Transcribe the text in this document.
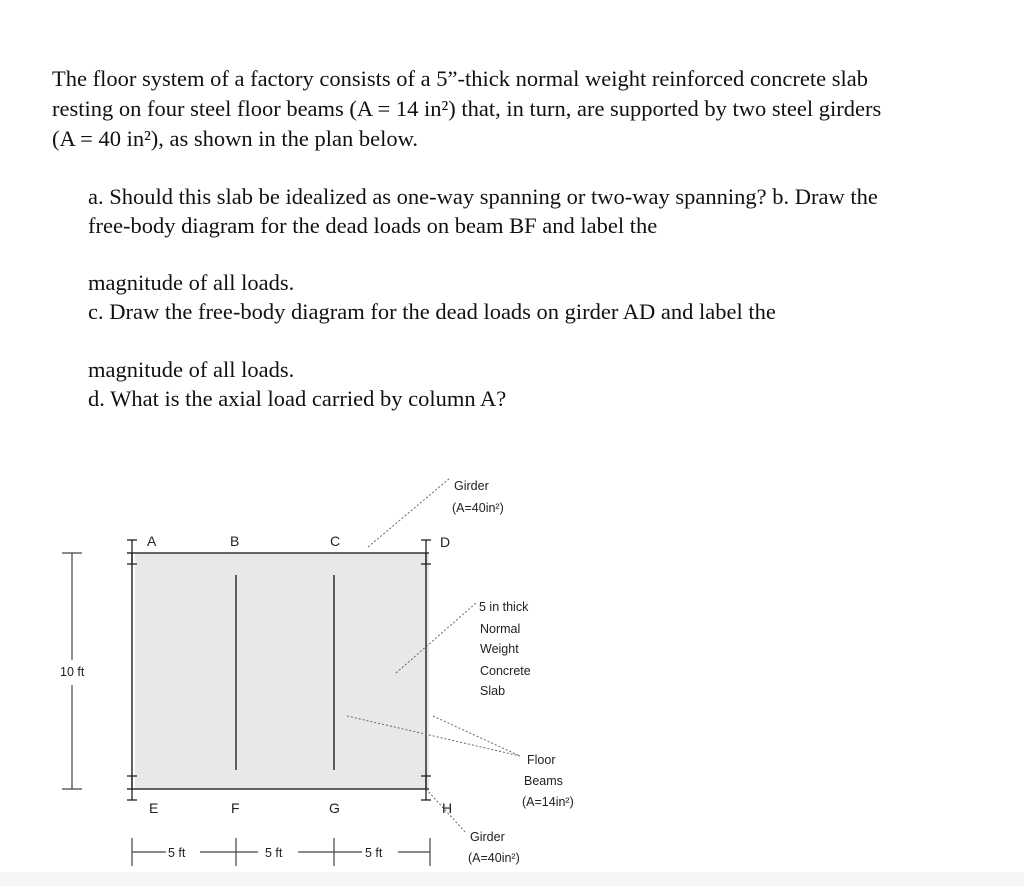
The floor system of a factory consists of a 5”-thick normal weight reinforced concrete slab

resting on four steel floor beams (A = 14 in²) that, in turn, are supported by two steel girders

(A = 40 in²), as shown in the plan below.

a. Should this slab be idealized as one-way spanning or two-way spanning? b. Draw the

free-body diagram for the dead loads on beam BF and label the

magnitude of all loads.

c. Draw the free-body diagram for the dead loads on girder AD and label the

magnitude of all loads.

d. What is the axial load carried by column A?

A	B	C	D
E	F	G	H
10 ft
5 ft	5 ft	5 ft
Girder
(A=40in²)
5 in thick
Normal
Weight
Concrete
Slab
Floor
Beams
(A=14in²)
Girder
(A=40in²)
